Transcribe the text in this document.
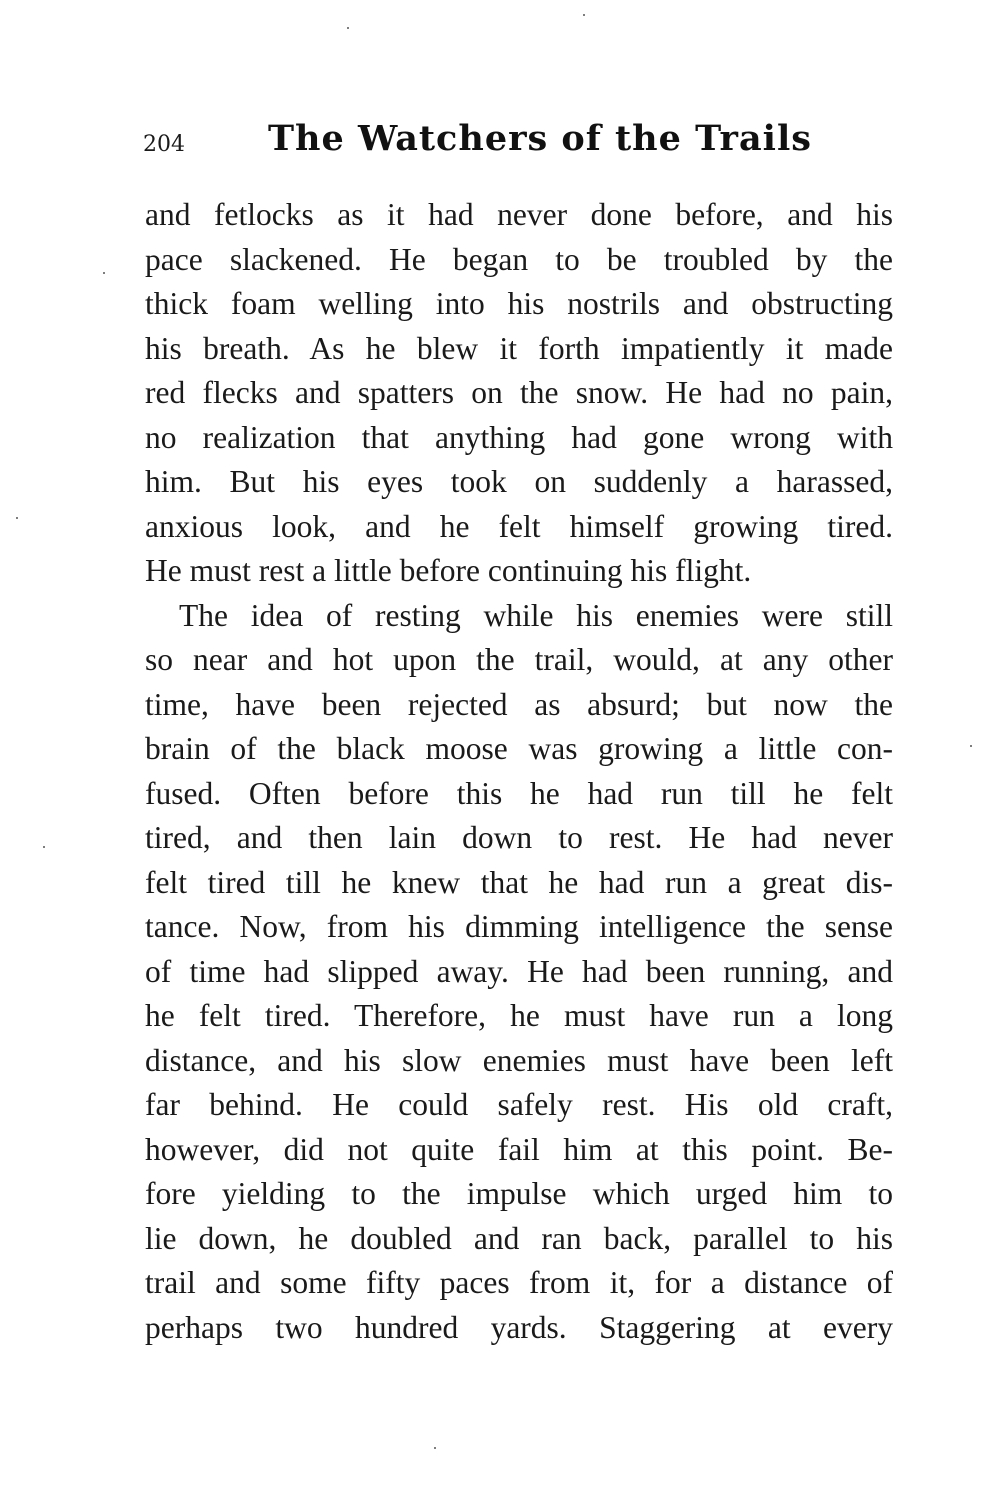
204 The Watchers of the Trails
and fetlocks as it had never done before, and his
pace slackened. He began to be troubled by the
thick foam welling into his nostrils and obstructing
his breath. As he blew it forth impatiently it made
red flecks and spatters on the snow. He had no pain,
no realization that anything had gone wrong with
him. But his eyes took on suddenly a harassed,
anxious look, and he felt himself growing tired.
He must rest a little before continuing his flight.
The idea of resting while his enemies were still
so near and hot upon the trail, would, at any other
time, have been rejected as absurd; but now the
brain of the black moose was growing a little con-
fused. Often before this he had run till he felt
tired, and then lain down to rest. He had never
felt tired till he knew that he had run a great dis-
tance. Now, from his dimming intelligence the sense
of time had slipped away. He had been running, and
he felt tired. Therefore, he must have run a long
distance, and his slow enemies must have been left
far behind. He could safely rest. His old craft,
however, did not quite fail him at this point. Be-
fore yielding to the impulse which urged him to
lie down, he doubled and ran back, parallel to his
trail and some fifty paces from it, for a distance of
perhaps two hundred yards. Staggering at every
